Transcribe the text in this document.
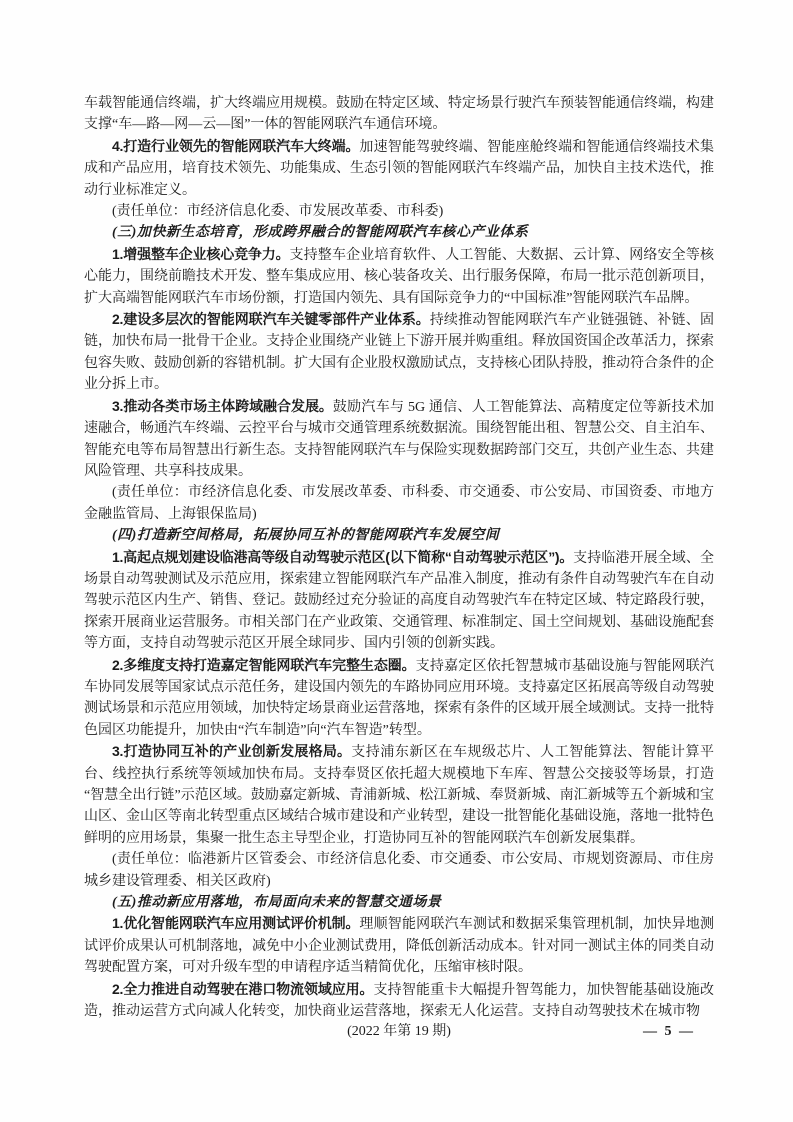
车载智能通信终端，扩大终端应用规模。鼓励在特定区域、特定场景行驶汽车预装智能通信终端，构建支撑“车—路—网—云—图”一体的智能网联汽车通信环境。

4.打造行业领先的智能网联汽车大终端。加速智能驾驶终端、智能座舱终端和智能通信终端技术集成和产品应用，培育技术领先、功能集成、生态引领的智能网联汽车终端产品，加快自主技术迭代，推动行业标准定义。

(责任单位：市经济信息化委、市发展改革委、市科委)

(三)加快新生态培育，形成跨界融合的智能网联汽车核心产业体系

1.增强整车企业核心竞争力。支持整车企业培育软件、人工智能、大数据、云计算、网络安全等核心能力，围绕前瞻技术开发、整车集成应用、核心装备攻关、出行服务保障，布局一批示范创新项目，扩大高端智能网联汽车市场份额，打造国内领先、具有国际竞争力的“中国标准”智能网联汽车品牌。

2.建设多层次的智能网联汽车关键零部件产业体系。持续推动智能网联汽车产业链强链、补链、固链，加快布局一批骨干企业。支持企业围绕产业链上下游开展并购重组。释放国资国企改革活力，探索包容失败、鼓励创新的容错机制。扩大国有企业股权激励试点，支持核心团队持股，推动符合条件的企业分拆上市。

3.推动各类市场主体跨域融合发展。鼓励汽车与 5G 通信、人工智能算法、高精度定位等新技术加速融合，畅通汽车终端、云控平台与城市交通管理系统数据流。围绕智能出租、智慧公交、自主泊车、智能充电等布局智慧出行新生态。支持智能网联汽车与保险实现数据跨部门交互，共创产业生态、共建风险管理、共享科技成果。

(责任单位：市经济信息化委、市发展改革委、市科委、市交通委、市公安局、市国资委、市地方金融监管局、上海银保监局)

(四)打造新空间格局，拓展协同互补的智能网联汽车发展空间

1.高起点规划建设临港高等级自动驾驶示范区(以下简称“自动驾驶示范区”)。支持临港开展全域、全场景自动驾驶测试及示范应用，探索建立智能网联汽车产品准入制度，推动有条件自动驾驶汽车在自动驾驶示范区内生产、销售、登记。鼓励经过充分验证的高度自动驾驶汽车在特定区域、特定路段行驶，探索开展商业运营服务。市相关部门在产业政策、交通管理、标准制定、国土空间规划、基础设施配套等方面，支持自动驾驶示范区开展全球同步、国内引领的创新实践。

2.多维度支持打造嘉定智能网联汽车完整生态圈。支持嘉定区依托智慧城市基础设施与智能网联汽车协同发展等国家试点示范任务，建设国内领先的车路协同应用环境。支持嘉定区拓展高等级自动驾驶测试场景和示范应用领域，加快特定场景商业运营落地，探索有条件的区域开展全域测试。支持一批特色园区功能提升，加快由“汽车制造”向“汽车智造”转型。

3.打造协同互补的产业创新发展格局。支持浦东新区在车规级芯片、人工智能算法、智能计算平台、线控执行系统等领域加快布局。支持奉贤区依托超大规模地下车库、智慧公交接驳等场景，打造“智慧全出行链”示范区域。鼓励嘉定新城、青浦新城、松江新城、奉贤新城、南汇新城等五个新城和宝山区、金山区等南北转型重点区域结合城市建设和产业转型，建设一批智能化基础设施，落地一批特色鲜明的应用场景，集聚一批生态主导型企业，打造协同互补的智能网联汽车创新发展集群。

(责任单位：临港新片区管委会、市经济信息化委、市交通委、市公安局、市规划资源局、市住房城乡建设管理委、相关区政府)

(五)推动新应用落地，布局面向未来的智慧交通场景

1.优化智能网联汽车应用测试评价机制。理顺智能网联汽车测试和数据采集管理机制，加快异地测试评价成果认可机制落地，减免中小企业测试费用，降低创新活动成本。针对同一测试主体的同类自动驾驶配置方案，可对升级车型的申请程序适当精简优化，压缩审核时限。

2.全力推进自动驾驶在港口物流领域应用。支持智能重卡大幅提升智驾能力，加快智能基础设施改造，推动运营方式向减人化转变，加快商业运营落地，探索无人化运营。支持自动驾驶技术在城市物

(2022 年第 19 期)	— 5 —
